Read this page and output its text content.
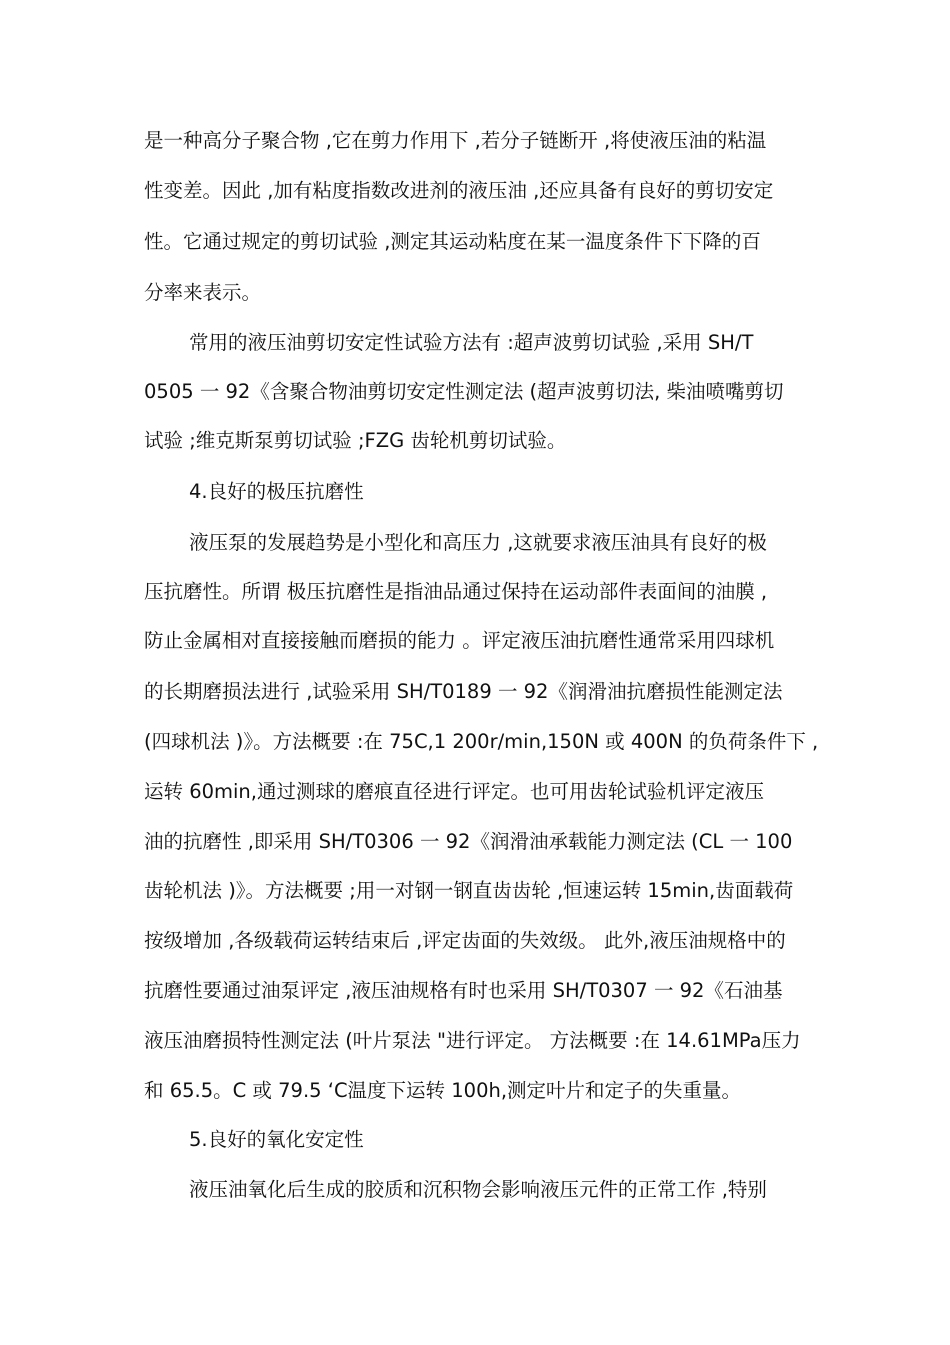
是一种高分子聚合物 ,它在剪力作用下 ,若分子链断开 ,将使液压油的粘温
性变差。因此 ,加有粘度指数改进剂的液压油 ,还应具备有良好的剪切安定
性。它通过规定的剪切试验 ,测定其运动粘度在某一温度条件下下降的百
分率来表示。
常用的液压油剪切安定性试验方法有 :超声波剪切试验 ,采用 SH/T
0505 一 92《含聚合物油剪切安定性测定法 (超声波剪切法, 柴油喷嘴剪切
试验 ;维克斯泵剪切试验 ;FZG 齿轮机剪切试验。
4.良好的极压抗磨性
液压泵的发展趋势是小型化和高压力 ,这就要求液压油具有良好的极
压抗磨性。所谓 极压抗磨性是指油品通过保持在运动部件表面间的油膜 ,
防止金属相对直接接触而磨损的能力 。评定液压油抗磨性通常采用四球机
的长期磨损法进行 ,试验采用 SH/T0189 一 92《润滑油抗磨损性能测定法
(四球机法 )》。方法概要 :在 75C,1 200r/min,150N 或 400N 的负荷条件下 ,
运转 60min,通过测球的磨痕直径进行评定。也可用齿轮试验机评定液压
油的抗磨性 ,即采用 SH/T0306 一 92《润滑油承载能力测定法 (CL 一 100
齿轮机法 )》。方法概要 ;用一对钢一钢直齿齿轮 ,恒速运转 15min,齿面载荷
按级增加 ,各级载荷运转结束后 ,评定齿面的失效级。 此外,液压油规格中的
抗磨性要通过油泵评定 ,液压油规格有时也采用 SH/T0307 一 92《石油基
液压油磨损特性测定法 (叶片泵法 "进行评定。 方法概要 :在 14.61MPa压力
和 65.5。C 或 79.5 ‘C温度下运转 100h,测定叶片和定子的失重量。
5.良好的氧化安定性
液压油氧化后生成的胶质和沉积物会影响液压元件的正常工作 ,特别
